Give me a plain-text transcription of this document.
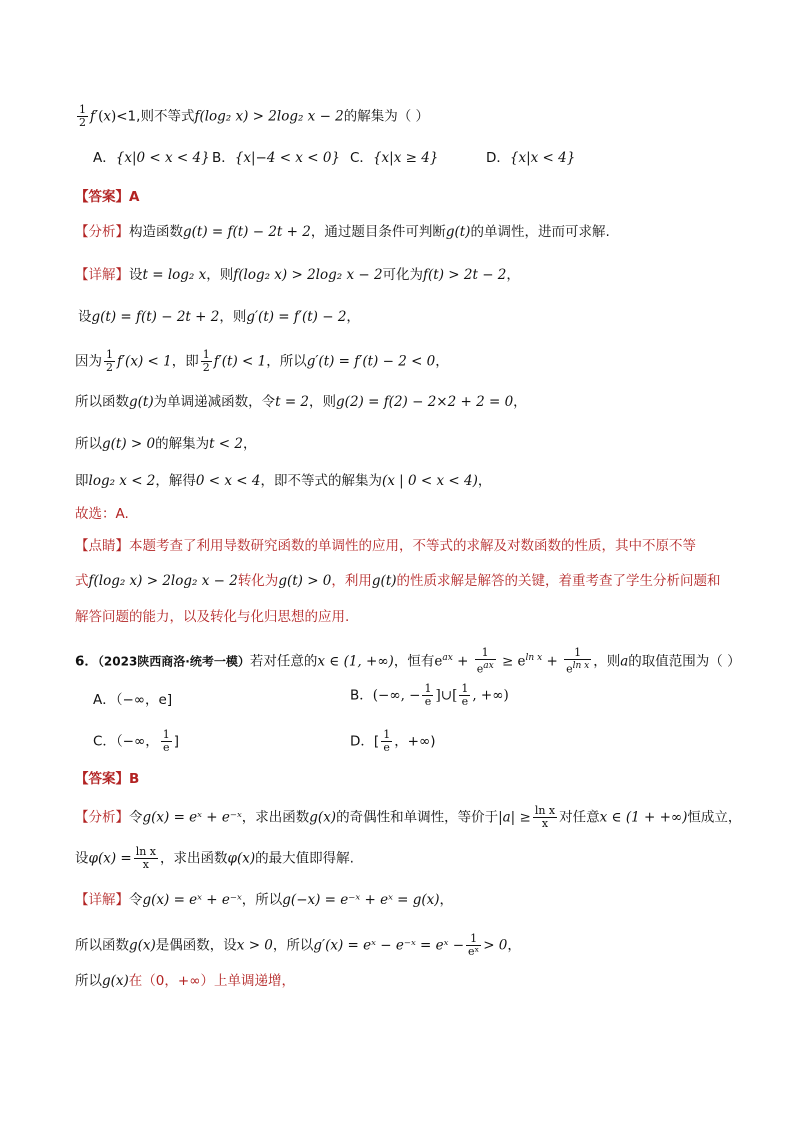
$\frac{1}{2} f'(x)<1$,则不等式f(log₂ x) > 2log₂ x − 2的解集为（ ）
A．{x|0 < x < 4} B．{x|−4 < x < 0} C．{x|x ≥ 4}	D．{x|x < 4}
【答案】A
【分析】构造函数g(t) = f(t) − 2t + 2，通过题目条件可判断g(t)的单调性，进而可求解.
【详解】设t = log₂ x，则f(log₂ x) > 2log₂ x − 2可化为f(t) > 2t − 2，
设g(t) = f(t) − 2t + 2，则g′(t) = f′(t) − 2，
因为 $\frac{1}{2} f'(x) < 1$，即 $\frac{1}{2} f'(t) < 1$，所以g′(t) = f′(t) − 2 < 0，
所以函数g(t)为单调递减函数，令t = 2，则g(2) = f(2) − 2×2 + 2 = 0，
所以g(t) > 0的解集为t < 2，
即log₂ x < 2，解得0 < x < 4，即不等式的解集为(x | 0 < x < 4)，
故选：A.
【点睛】本题考查了利用导数研究函数的单调性的应用，不等式的求解及对数函数的性质，其中不原不等
式f(log₂ x) > 2log₂ x − 2转化为g(t) > 0，利用g(t)的性质求解是解答的关键，着重考查了学生分析问题和
解答问题的能力，以及转化与化归思想的应用.
6．（2023陕西商洛·统考一模）若对任意的x ∈ (1, +∞)，恒有$e^{ax} + \frac{1}{e^{ax}} \ge e^{ln x} + \frac{1}{e^{ln x}}$ ，则a的取值范围为（ ）
A．（−∞，e]	B．(−∞, − $\frac{1}{e}$ ]∪[ $\frac{1}{e}$ , +∞)
C．（−∞， $\frac{1}{e}$ ]	D．[ $\frac{1}{e}$ ，+∞)
【答案】B
【分析】令g(x) = eˣ + e⁻ˣ，求出函数g(x)的奇偶性和单调性，等价于$|a| \ge \frac{\text{ln x}}{x}$ 对任意x ∈ (1 + +∞)恒成立，
设$\varphi(x) = \frac{\text{ln x}}{x}$ ，求出函数φ(x)的最大值即得解.
【详解】令g(x) = eˣ + e⁻ˣ，所以g(−x) = e⁻ˣ + eˣ = g(x)，
所以函数g(x)是偶函数，设x > 0，所以g′(x) = eˣ − e⁻ˣ = eˣ − $\frac{1}{\text{eˣ}} > 0$，
所以g(x)在（0，+∞）上单调递增，
